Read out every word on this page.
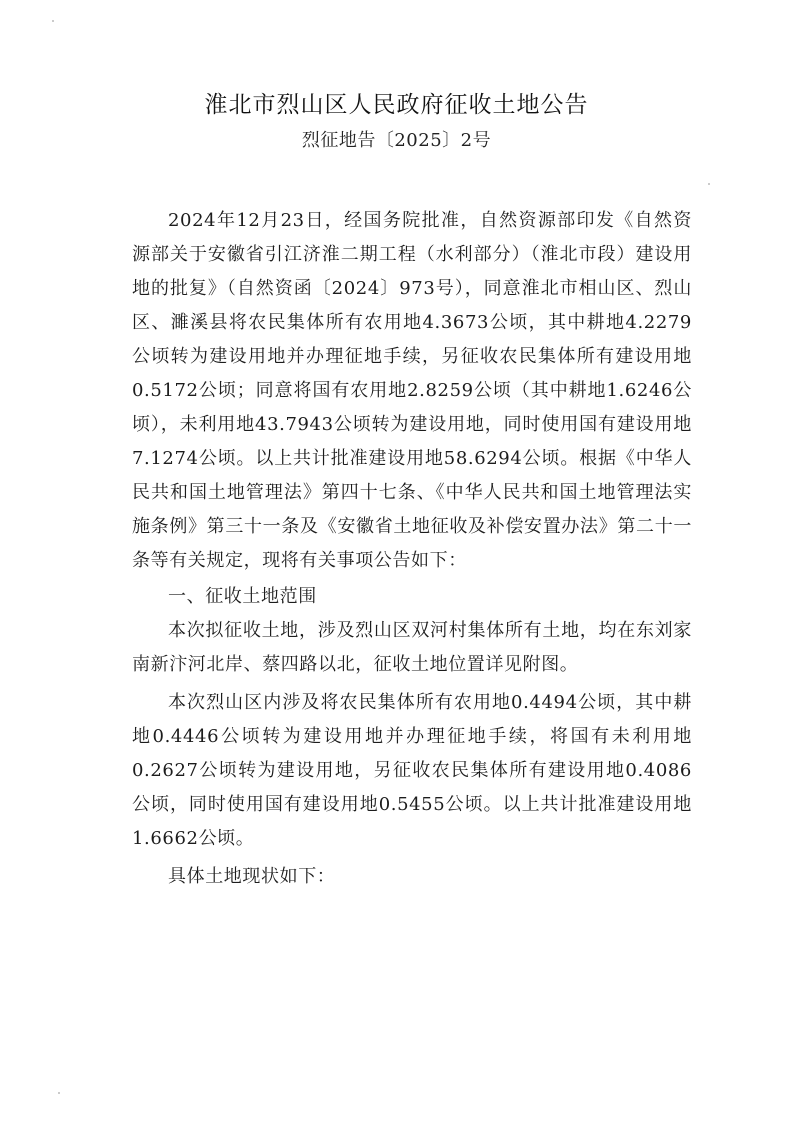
淮北市烈山区人民政府征收土地公告
烈征地告〔2025〕2号

2024年12月23日，经国务院批准，自然资源部印发《自然资源部关于安徽省引江济淮二期工程（水利部分）（淮北市段）建设用地的批复》（自然资函〔2024〕973号），同意淮北市相山区、烈山区、濉溪县将农民集体所有农用地4.3673公顷，其中耕地4.2279公顷转为建设用地并办理征地手续，另征收农民集体所有建设用地0.5172公顷；同意将国有农用地2.8259公顷（其中耕地1.6246公顷），未利用地43.7943公顷转为建设用地，同时使用国有建设用地7.1274公顷。以上共计批准建设用地58.6294公顷。根据《中华人民共和国土地管理法》第四十七条、《中华人民共和国土地管理法实施条例》第三十一条及《安徽省土地征收及补偿安置办法》第二十一条等有关规定，现将有关事项公告如下：

一、征收土地范围

本次拟征收土地，涉及烈山区双河村集体所有土地，均在东刘家南新汴河北岸、蔡四路以北，征收土地位置详见附图。

本次烈山区内涉及将农民集体所有农用地0.4494公顷，其中耕地0.4446公顷转为建设用地并办理征地手续，将国有未利用地0.2627公顷转为建设用地，另征收农民集体所有建设用地0.4086公顷，同时使用国有建设用地0.5455公顷。以上共计批准建设用地1.6662公顷。

具体土地现状如下：
